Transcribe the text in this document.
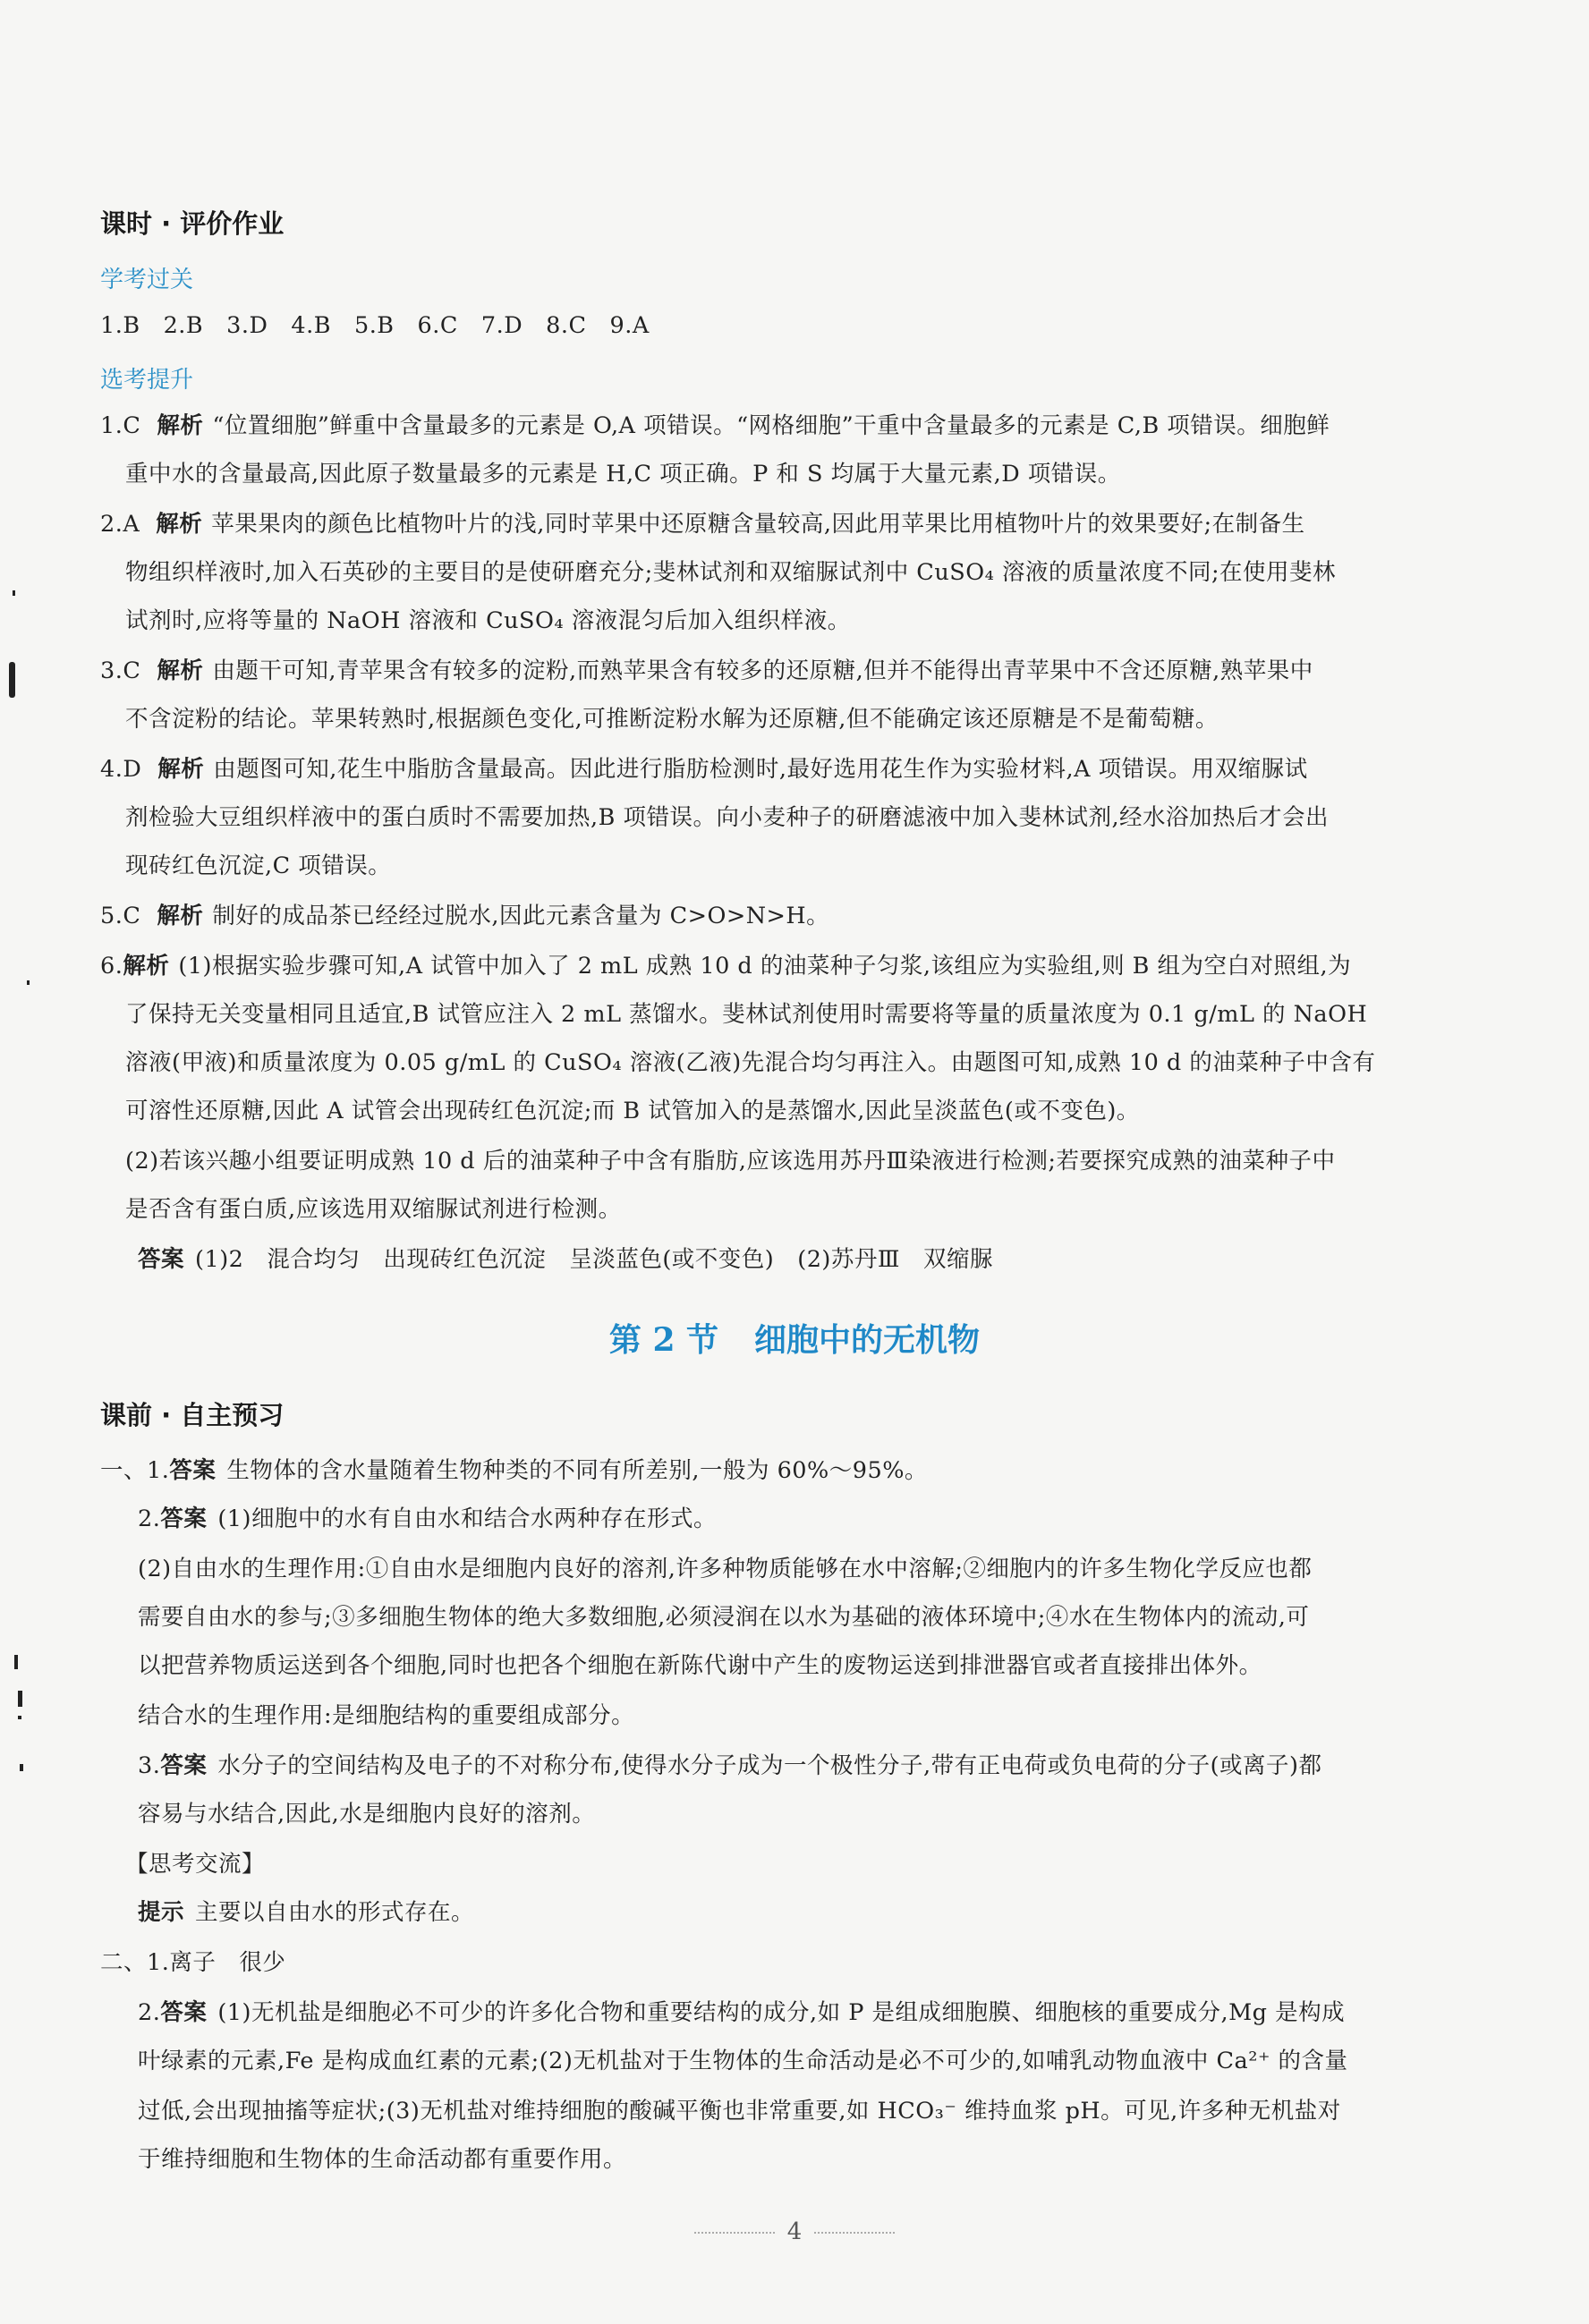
课时 · 评价作业
学考过关
1.B　2.B　3.D　4.B　5.B　6.C　7.D　8.C　9.A
选考提升
1.C 解析 “位置细胞”鲜重中含量最多的元素是 O,A 项错误。“网格细胞”干重中含量最多的元素是 C,B 项错误。细胞鲜
重中水的含量最高,因此原子数量最多的元素是 H,C 项正确。P 和 S 均属于大量元素,D 项错误。
2.A 解析 苹果果肉的颜色比植物叶片的浅,同时苹果中还原糖含量较高,因此用苹果比用植物叶片的效果要好;在制备生
物组织样液时,加入石英砂的主要目的是使研磨充分;斐林试剂和双缩脲试剂中 CuSO₄ 溶液的质量浓度不同;在使用斐林
试剂时,应将等量的 NaOH 溶液和 CuSO₄ 溶液混匀后加入组织样液。
3.C 解析 由题干可知,青苹果含有较多的淀粉,而熟苹果含有较多的还原糖,但并不能得出青苹果中不含还原糖,熟苹果中
不含淀粉的结论。苹果转熟时,根据颜色变化,可推断淀粉水解为还原糖,但不能确定该还原糖是不是葡萄糖。
4.D 解析 由题图可知,花生中脂肪含量最高。因此进行脂肪检测时,最好选用花生作为实验材料,A 项错误。用双缩脲试
剂检验大豆组织样液中的蛋白质时不需要加热,B 项错误。向小麦种子的研磨滤液中加入斐林试剂,经水浴加热后才会出
现砖红色沉淀,C 项错误。
5.C 解析 制好的成品茶已经经过脱水,因此元素含量为 C>O>N>H。
6.解析 (1)根据实验步骤可知,A 试管中加入了 2 mL 成熟 10 d 的油菜种子匀浆,该组应为实验组,则 B 组为空白对照组,为
了保持无关变量相同且适宜,B 试管应注入 2 mL 蒸馏水。斐林试剂使用时需要将等量的质量浓度为 0.1 g/mL 的 NaOH
溶液(甲液)和质量浓度为 0.05 g/mL 的 CuSO₄ 溶液(乙液)先混合均匀再注入。由题图可知,成熟 10 d 的油菜种子中含有
可溶性还原糖,因此 A 试管会出现砖红色沉淀;而 B 试管加入的是蒸馏水,因此呈淡蓝色(或不变色)。
(2)若该兴趣小组要证明成熟 10 d 后的油菜种子中含有脂肪,应该选用苏丹Ⅲ染液进行检测;若要探究成熟的油菜种子中
是否含有蛋白质,应该选用双缩脲试剂进行检测。
答案 (1)2　混合均匀　出现砖红色沉淀　呈淡蓝色(或不变色)　(2)苏丹Ⅲ　双缩脲
第 2 节 细胞中的无机物
课前 · 自主预习
一、1.答案 生物体的含水量随着生物种类的不同有所差别,一般为 60%～95%。
2.答案 (1)细胞中的水有自由水和结合水两种存在形式。
(2)自由水的生理作用:①自由水是细胞内良好的溶剂,许多种物质能够在水中溶解;②细胞内的许多生物化学反应也都
需要自由水的参与;③多细胞生物体的绝大多数细胞,必须浸润在以水为基础的液体环境中;④水在生物体内的流动,可
以把营养物质运送到各个细胞,同时也把各个细胞在新陈代谢中产生的废物运送到排泄器官或者直接排出体外。
结合水的生理作用:是细胞结构的重要组成部分。
3.答案 水分子的空间结构及电子的不对称分布,使得水分子成为一个极性分子,带有正电荷或负电荷的分子(或离子)都
容易与水结合,因此,水是细胞内良好的溶剂。
【思考交流】
提示 主要以自由水的形式存在。
二、1.离子　很少
2.答案 (1)无机盐是细胞必不可少的许多化合物和重要结构的成分,如 P 是组成细胞膜、细胞核的重要成分,Mg 是构成
叶绿素的元素,Fe 是构成血红素的元素;(2)无机盐对于生物体的生命活动是必不可少的,如哺乳动物血液中 Ca²⁺ 的含量
过低,会出现抽搐等症状;(3)无机盐对维持细胞的酸碱平衡也非常重要,如 HCO₃⁻ 维持血浆 pH。可见,许多种无机盐对
于维持细胞和生物体的生命活动都有重要作用。
4
